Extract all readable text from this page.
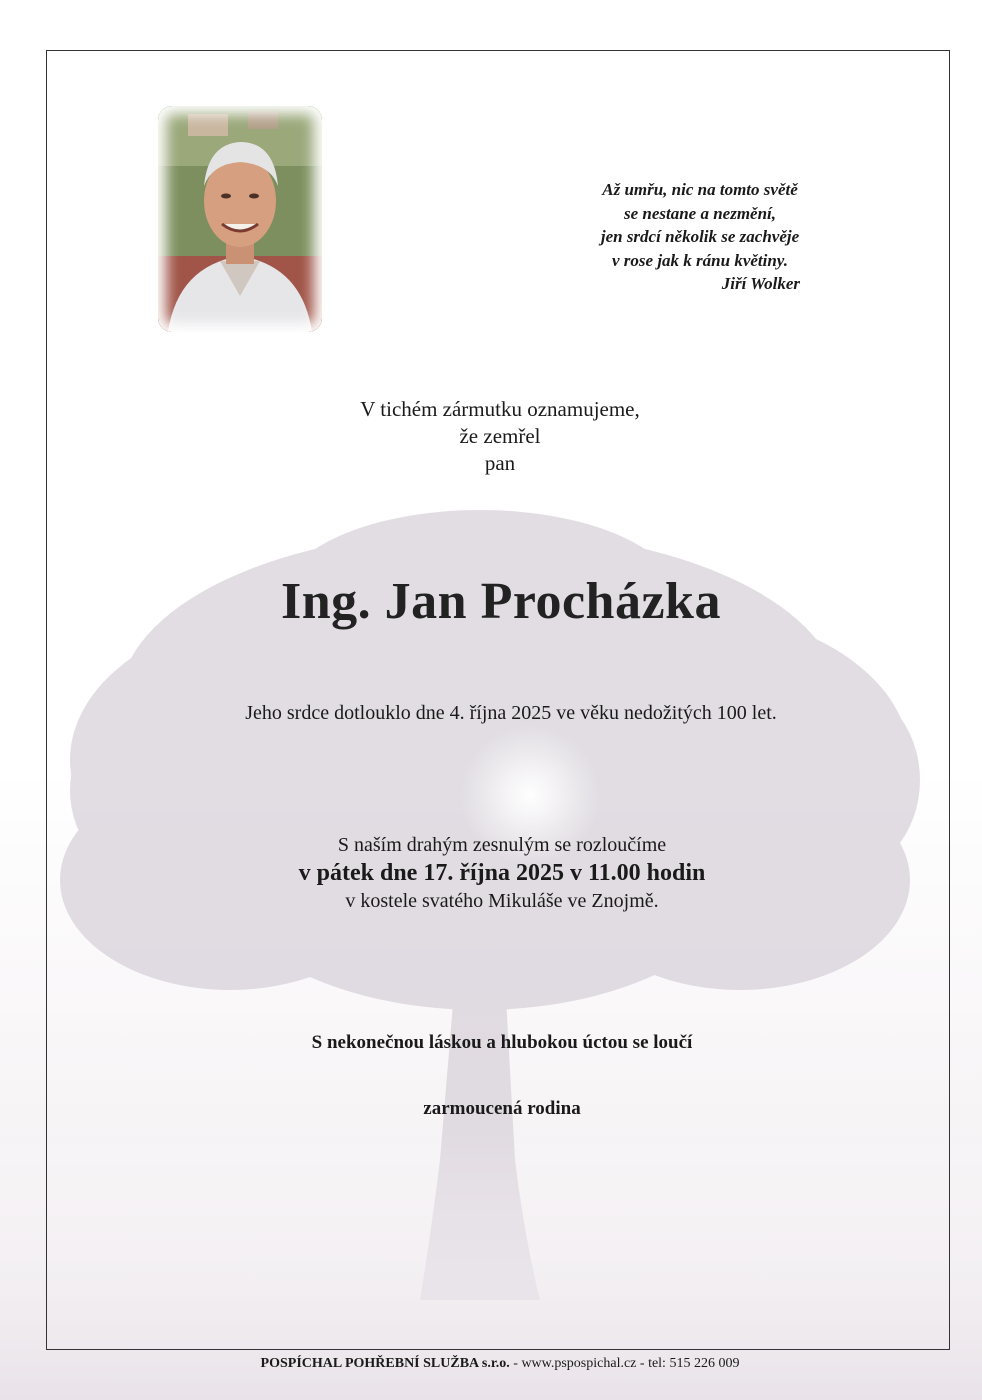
Až umřu, nic na tomto světě
se nestane a nezmění,
jen srdcí několik se zachvěje
v rose jak k ránu květiny.
Jiří Wolker
V tichém zármutku oznamujeme,
že zemřel
pan
Ing. Jan Procházka
Jeho srdce dotlouklo dne 4. října 2025 ve věku nedožitých 100 let.
S naším drahým zesnulým se rozloučíme
v pátek dne 17. října 2025 v 11.00 hodin
v kostele svatého Mikuláše ve Znojmě.
S nekonečnou láskou a hlubokou úctou se loučí
zarmoucená rodina
POSPÍCHAL POHŘEBNÍ SLUŽBA s.r.o. - www.pspospichal.cz - tel: 515 226 009
